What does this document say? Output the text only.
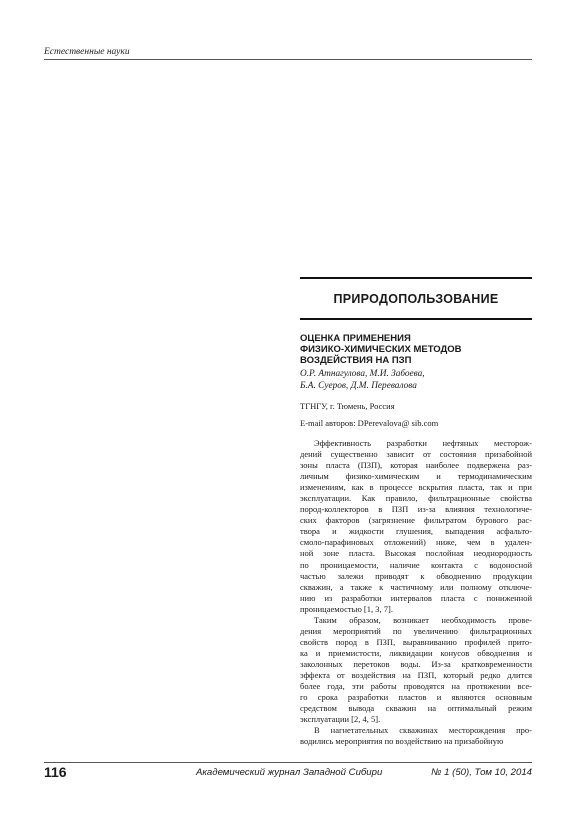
Естественные науки
ПРИРОДОПОЛЬЗОВАНИЕ
ОЦЕНКА ПРИМЕНЕНИЯ
ФИЗИКО-ХИМИЧЕСКИХ МЕТОДОВ
ВОЗДЕЙСТВИЯ НА ПЗП
О.Р. Атнагулова, М.И. Забоева,
Б.А. Суеров, Д.М. Перевалова
ТГНГУ, г. Тюмень, Россия
E-mail авторов: DPerevalova@ sib.com
Эффективность разработки нефтяных месторож-
дений существенно зависит от состояния призабойной
зоны пласта (ПЗП), которая наиболее подвержена раз-
личным физико-химическим и термодинамическим
изменениям, как в процессе вскрытия пласта, так и при
эксплуатации. Как правило, фильтрационные свойства
пород-коллекторов в ПЗП из-за влияния технологиче-
ских факторов (загрязнение фильтратом бурового рас-
твора и жидкости глушения, выпадения асфальто-
смоло-парафиновых отложений) ниже, чем в удален-
ной зоне пласта. Высокая послойная неоднородность
по проницаемости, наличие контакта с водоносной
частью залежи приводят к обводнению продукции
скважин, а также к частичному или полному отключе-
нию из разработки интервалов пласта с пониженной
проницаемостью [1, 3, 7].
Таким образом, возникает необходимость прове-
дения мероприятий по увеличению фильтрационных
свойств пород в ПЗП, выравниванию профилей прито-
ка и приемистости, ликвидации конусов обводнения и
заколонных перетоков воды. Из-за кратковременности
эффекта от воздействия на ПЗП, который редко длится
более года, эти работы проводятся на протяжении все-
го срока разработки пластов и являются основным
средством вывода скважин на оптимальный режим
эксплуатации [2, 4, 5].
В нагнетательных скважинах месторождения про-
водились мероприятия по воздействию на призабойную
116	Академический журнал Западной Сибири	№ 1 (50), Том 10, 2014
